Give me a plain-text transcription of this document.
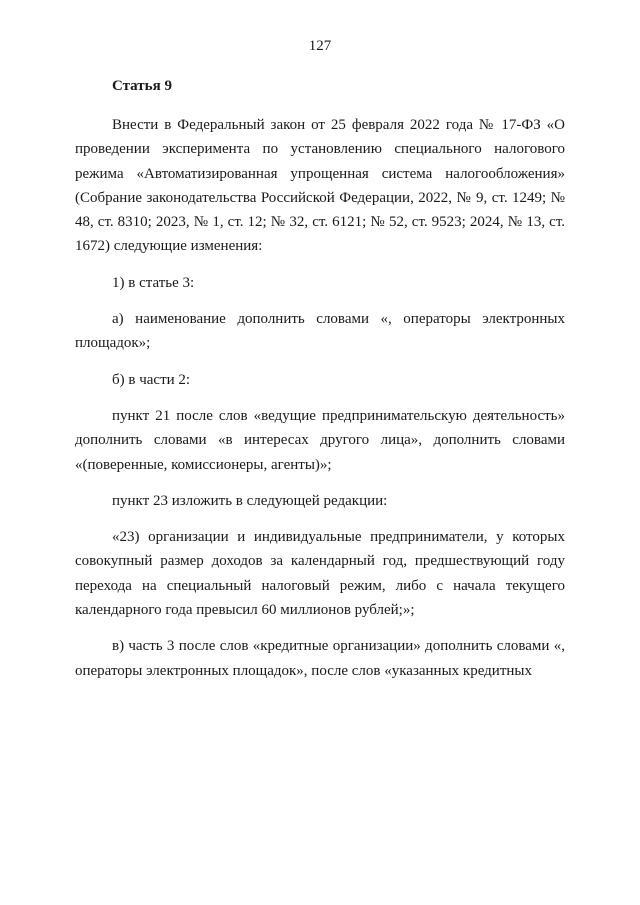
127
Статья 9

Внести в Федеральный закон от 25 февраля 2022 года № 17-ФЗ «О проведении эксперимента по установлению специального налогового режима «Автоматизированная упрощенная система налогообложения» (Собрание законодательства Российской Федерации, 2022, № 9, ст. 1249; № 48, ст. 8310; 2023, № 1, ст. 12; № 32, ст. 6121; № 52, ст. 9523; 2024, № 13, ст. 1672) следующие изменения:

1) в статье 3:

а) наименование дополнить словами «, операторы электронных площадок»;

б) в части 2:

пункт 21 после слов «ведущие предпринимательскую деятельность» дополнить словами «в интересах другого лица», дополнить словами «(поверенные, комиссионеры, агенты)»;

пункт 23 изложить в следующей редакции:

«23) организации и индивидуальные предприниматели, у которых совокупный размер доходов за календарный год, предшествующий году перехода на специальный налоговый режим, либо с начала текущего календарного года превысил 60 миллионов рублей;»;

в) часть 3 после слов «кредитные организации» дополнить словами «, операторы электронных площадок», после слов «указанных кредитных
